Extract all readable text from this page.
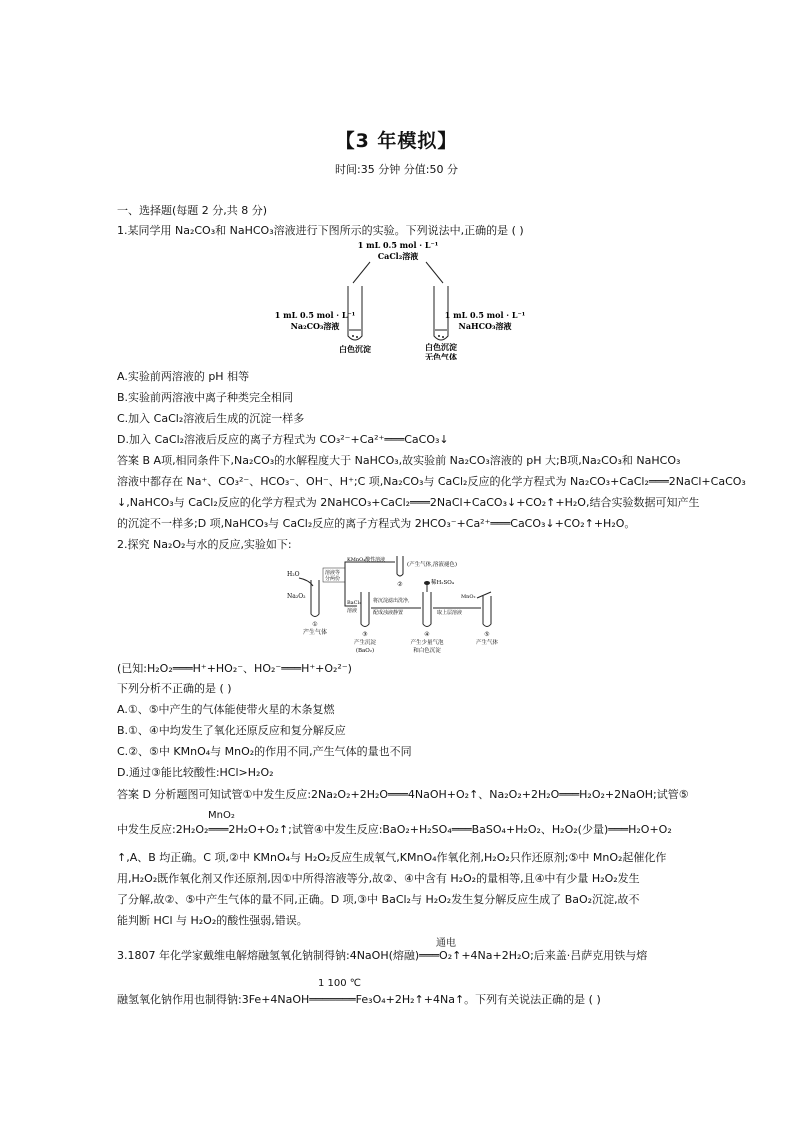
【3 年模拟】
时间:35 分钟 分值:50 分
一、选择题(每题 2 分,共 8 分)
1.某同学用 Na₂CO₃和 NaHCO₃溶液进行下图所示的实验。下列说法中,正确的是 ( )
1 mL 0.5 mol · L⁻¹
CaCl₂溶液
1 mL 0.5 mol · L⁻¹
Na₂CO₃溶液
1 mL 0.5 mol · L⁻¹
NaHCO₃溶液
白色沉淀	白色沉淀
无色气体
A.实验前两溶液的 pH 相等
B.实验前两溶液中离子种类完全相同
C.加入 CaCl₂溶液后生成的沉淀一样多
D.加入 CaCl₂溶液后反应的离子方程式为 CO₃²⁻+Ca²⁺═══CaCO₃↓
答案 B A项,相同条件下,Na₂CO₃的水解程度大于 NaHCO₃,故实验前 Na₂CO₃溶液的 pH 大;B项,Na₂CO₃和 NaHCO₃
溶液中都存在 Na⁺、CO₃²⁻、HCO₃⁻、OH⁻、H⁺;C 项,Na₂CO₃与 CaCl₂反应的化学方程式为 Na₂CO₃+CaCl₂═══2NaCl+CaCO₃
↓,NaHCO₃与 CaCl₂反应的化学方程式为 2NaHCO₃+CaCl₂═══2NaCl+CaCO₃↓+CO₂↑+H₂O,结合实验数据可知产生
的沉淀不一样多;D 项,NaHCO₃与 CaCl₂反应的离子方程式为 2HCO₃⁻+Ca²⁺═══CaCO₃↓+CO₂↑+H₂O。
2.探究 Na₂O₂与水的反应,实验如下:
H₂O
Na₂O₂
①
产生气体
溶液等
分两份
KMnO₄酸性溶液
(产生气体,溶液褪色)
BaCl₂
溶液
③
产生沉淀
(BaO₂)
将沉淀滤出洗净,
配成浊液静置
稀H₂SO₄
④
产生少量气泡
和白色沉淀
取上层溶液
MnO₂
⑤
产生气体
②
(已知:H₂O₂═══H⁺+HO₂⁻、HO₂⁻═══H⁺+O₂²⁻)
下列分析不正确的是 ( )
A.①、⑤中产生的气体能使带火星的木条复燃
B.①、④中均发生了氧化还原反应和复分解反应
C.②、⑤中 KMnO₄与 MnO₂的作用不同,产生气体的量也不同
D.通过③能比较酸性:HCl>H₂O₂
答案 D 分析题图可知试管①中发生反应:2Na₂O₂+2H₂O═══4NaOH+O₂↑、Na₂O₂+2H₂O═══H₂O₂+2NaOH;试管⑤
MnO₂
中发生反应:2H₂O₂═══2H₂O+O₂↑;试管④中发生反应:BaO₂+H₂SO₄═══BaSO₄+H₂O₂、H₂O₂(少量)═══H₂O+O₂
↑,A、B 均正确。C 项,②中 KMnO₄与 H₂O₂反应生成氧气,KMnO₄作氧化剂,H₂O₂只作还原剂;⑤中 MnO₂起催化作
用,H₂O₂既作氧化剂又作还原剂,因①中所得溶液等分,故②、④中含有 H₂O₂的量相等,且④中有少量 H₂O₂发生
了分解,故②、⑤中产生气体的量不同,正确。D 项,③中 BaCl₂与 H₂O₂发生复分解反应生成了 BaO₂沉淀,故不
能判断 HCl 与 H₂O₂的酸性强弱,错误。
通电
3.1807 年化学家戴维电解熔融氢氧化钠制得钠:4NaOH(熔融)═══O₂↑+4Na+2H₂O;后来盖·吕萨克用铁与熔
1 100 ℃
融氢氧化钠作用也制得钠:3Fe+4NaOH═══════Fe₃O₄+2H₂↑+4Na↑。下列有关说法正确的是 ( )
